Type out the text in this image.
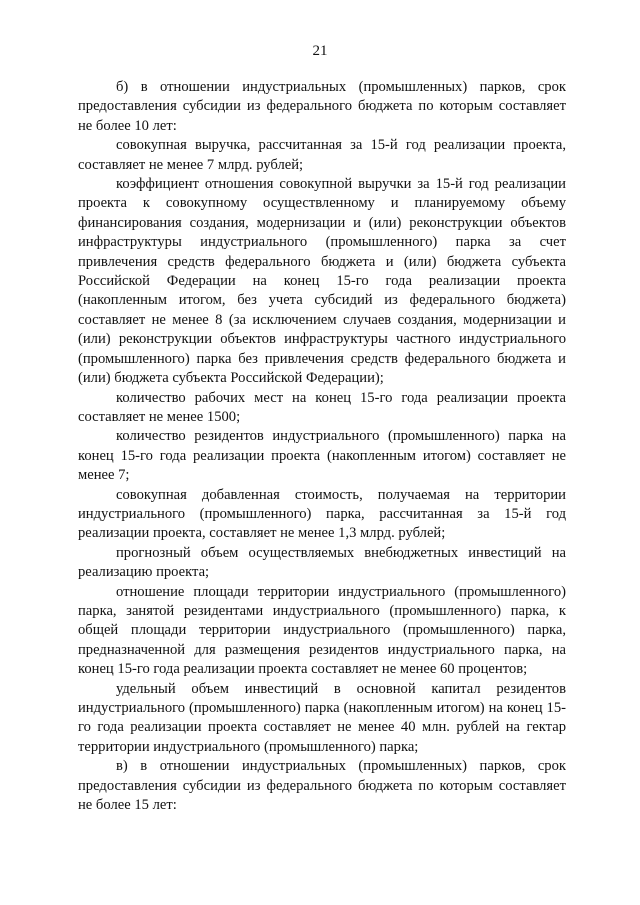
21

б) в отношении индустриальных (промышленных) парков, срок предоставления субсидии из федерального бюджета по которым составляет не более 10 лет:

совокупная выручка, рассчитанная за 15-й год реализации проекта, составляет не менее 7 млрд. рублей;

коэффициент отношения совокупной выручки за 15-й год реализации проекта к совокупному осуществленному и планируемому объему финансирования создания, модернизации и (или) реконструкции объектов инфраструктуры индустриального (промышленного) парка за счет привлечения средств федерального бюджета и (или) бюджета субъекта Российской Федерации на конец 15-го года реализации проекта (накопленным итогом, без учета субсидий из федерального бюджета) составляет не менее 8 (за исключением случаев создания, модернизации и (или) реконструкции объектов инфраструктуры частного индустриального (промышленного) парка без привлечения средств федерального бюджета и (или) бюджета субъекта Российской Федерации);

количество рабочих мест на конец 15-го года реализации проекта составляет не менее 1500;

количество резидентов индустриального (промышленного) парка на конец 15-го года реализации проекта (накопленным итогом) составляет не менее 7;

совокупная добавленная стоимость, получаемая на территории индустриального (промышленного) парка, рассчитанная за 15-й год реализации проекта, составляет не менее 1,3 млрд. рублей;

прогнозный объем осуществляемых внебюджетных инвестиций на реализацию проекта;

отношение площади территории индустриального (промышленного) парка, занятой резидентами индустриального (промышленного) парка, к общей площади территории индустриального (промышленного) парка, предназначенной для размещения резидентов индустриального парка, на конец 15-го года реализации проекта составляет не менее 60 процентов;

удельный объем инвестиций в основной капитал резидентов индустриального (промышленного) парка (накопленным итогом) на конец 15-го года реализации проекта составляет не менее 40 млн. рублей на гектар территории индустриального (промышленного) парка;

в) в отношении индустриальных (промышленных) парков, срок предоставления субсидии из федерального бюджета по которым составляет не более 15 лет:
